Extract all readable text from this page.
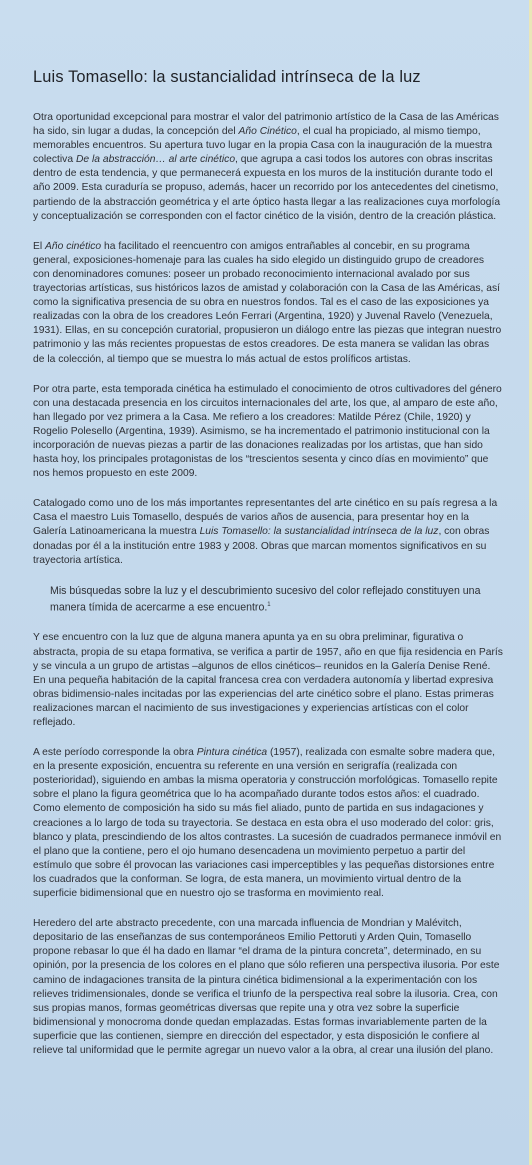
Luis Tomasello: la sustancialidad intrínseca de la luz

Otra oportunidad excepcional para mostrar el valor del patrimonio artístico de la Casa de las Américas ha sido, sin lugar a dudas, la concepción del Año Cinético, el cual ha propiciado, al mismo tiempo, memorables encuentros. Su apertura tuvo lugar en la propia Casa con la inauguración de la muestra colectiva De la abstracción… al arte cinético, que agrupa a casi todos los autores con obras inscritas dentro de esta tendencia, y que permanecerá expuesta en los muros de la institución durante todo el año 2009. Esta curaduría se propuso, además, hacer un recorrido por los antecedentes del cinetismo, partiendo de la abstracción geométrica y el arte óptico hasta llegar a las realizaciones cuya morfología y conceptualización se corresponden con el factor cinético de la visión, dentro de la creación plástica.

El Año cinético ha facilitado el reencuentro con amigos entrañables al concebir, en su programa general, exposiciones-homenaje para las cuales ha sido elegido un distinguido grupo de creadores con denominadores comunes: poseer un probado reconocimiento internacional avalado por sus trayectorias artísticas, sus históricos lazos de amistad y colaboración con la Casa de las Américas, así como la significativa presencia de su obra en nuestros fondos. Tal es el caso de las exposiciones ya realizadas con la obra de los creadores León Ferrari (Argentina, 1920) y Juvenal Ravelo (Venezuela, 1931). Ellas, en su concepción curatorial, propusieron un diálogo entre las piezas que integran nuestro patrimonio y las más recientes propuestas de estos creadores. De esta manera se validan las obras de la colección, al tiempo que se muestra lo más actual de estos prolíficos artistas.

Por otra parte, esta temporada cinética ha estimulado el conocimiento de otros cultivadores del género con una destacada presencia en los circuitos internacionales del arte, los que, al amparo de este año, han llegado por vez primera a la Casa. Me refiero a los creadores: Matilde Pérez (Chile, 1920) y Rogelio Polesello (Argentina, 1939). Asimismo, se ha incrementado el patrimonio institucional con la incorporación de nuevas piezas a partir de las donaciones realizadas por los artistas, que han sido hasta hoy, los principales protagonistas de los “trescientos sesenta y cinco días en movimiento” que nos hemos propuesto en este 2009.

Catalogado como uno de los más importantes representantes del arte cinético en su país regresa a la Casa el maestro Luis Tomasello, después de varios años de ausencia, para presentar hoy en la Galería Latinoamericana la muestra Luis Tomasello: la sustancialidad intrínseca de la luz, con obras donadas por él a la institución entre 1983 y 2008. Obras que marcan momentos significativos en su trayectoria artística.

Mis búsquedas sobre la luz y el descubrimiento sucesivo del color reflejado constituyen una manera tímida de acercarme a ese encuentro.$^1$

Y ese encuentro con la luz que de alguna manera apunta ya en su obra preliminar, figurativa o abstracta, propia de su etapa formativa, se verifica a partir de 1957, año en que fija residencia en París y se vincula a un grupo de artistas –algunos de ellos cinéticos– reunidos en la Galería Denise René. En una pequeña habitación de la capital francesa crea con verdadera autonomía y libertad expresiva obras bidimensio-nales incitadas por las experiencias del arte cinético sobre el plano. Estas primeras realizaciones marcan el nacimiento de sus investigaciones y experiencias artísticas con el color reflejado.

A este período corresponde la obra Pintura cinética (1957), realizada con esmalte sobre madera que, en la presente exposición, encuentra su referente en una versión en serigrafía (realizada con posterioridad), siguiendo en ambas la misma operatoria y construcción morfológicas. Tomasello repite sobre el plano la figura geométrica que lo ha acompañado durante todos estos años: el cuadrado. Como elemento de composición ha sido su más fiel aliado, punto de partida en sus indagaciones y creaciones a lo largo de toda su trayectoria. Se destaca en esta obra el uso moderado del color: gris, blanco y plata, prescindiendo de los altos contrastes. La sucesión de cuadrados permanece inmóvil en el plano que la contiene, pero el ojo humano desencadena un movimiento perpetuo a partir del estímulo que sobre él provocan las variaciones casi imperceptibles y las pequeñas distorsiones entre los cuadrados que la conforman. Se logra, de esta manera, un movimiento virtual dentro de la superficie bidimensional que en nuestro ojo se trasforma en movimiento real.

Heredero del arte abstracto precedente, con una marcada influencia de Mondrian y Malévitch, depositario de las enseñanzas de sus contemporáneos Emilio Pettoruti y Arden Quin, Tomasello propone rebasar lo que él ha dado en llamar “el drama de la pintura concreta”, determinado, en su opinión, por la presencia de los colores en el plano que sólo refieren una perspectiva ilusoria. Por este camino de indagaciones transita de la pintura cinética bidimensional a la experimentación con los relieves tridimensionales, donde se verifica el triunfo de la perspectiva real sobre la ilusoria. Crea, con sus propias manos, formas geométricas diversas que repite una y otra vez sobre la superficie bidimensional y monocroma donde quedan emplazadas. Estas formas invariablemente parten de la superficie que las contienen, siempre en dirección del espectador, y esta disposición le confiere al relieve tal uniformidad que le permite agregar un nuevo valor a la obra, al crear una ilusión del plano.
